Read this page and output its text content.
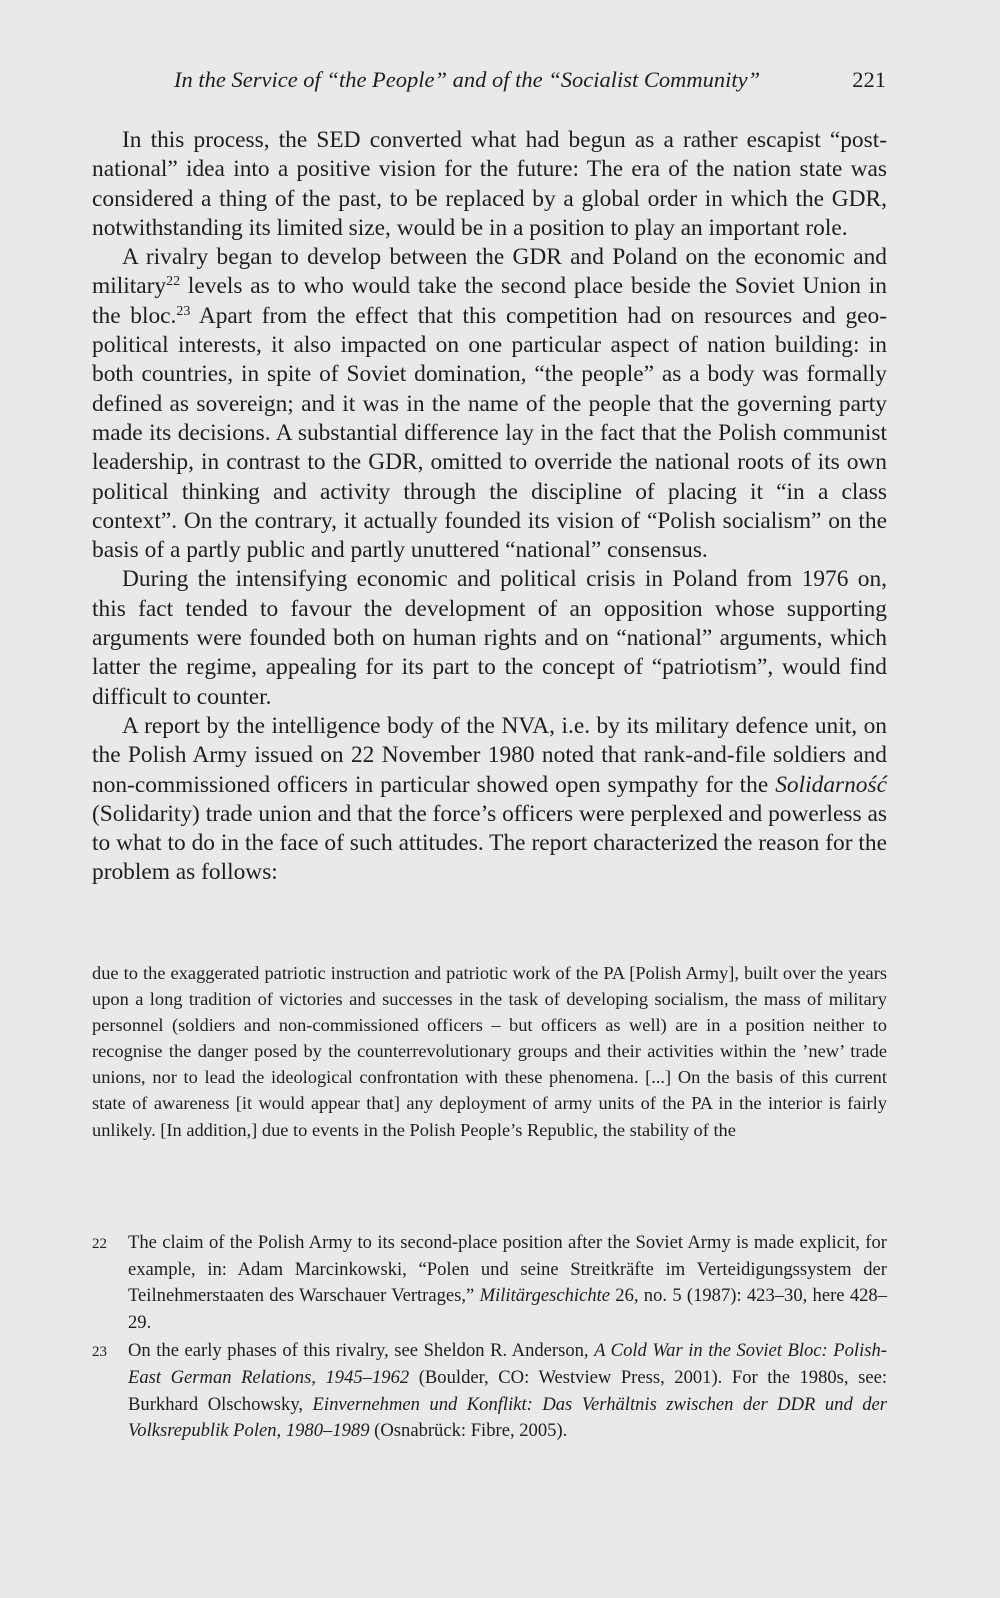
In the Service of “the People” and of the “Socialist Community”	221

In this process, the SED converted what had begun as a rather escapist “post-national” idea into a positive vision for the future: The era of the nation state was considered a thing of the past, to be replaced by a global order in which the GDR, notwithstanding its limited size, would be in a position to play an important role.

A rivalry began to develop between the GDR and Poland on the economic and military$^{22}$ levels as to who would take the second place beside the Soviet Union in the bloc.$^{23}$ Apart from the effect that this competition had on resources and geo-political interests, it also impacted on one particular aspect of nation building: in both countries, in spite of Soviet domination, “the people” as a body was formally defined as sovereign; and it was in the name of the people that the governing party made its decisions. A substantial difference lay in the fact that the Polish communist leadership, in contrast to the GDR, omitted to override the national roots of its own political thinking and activity through the discipline of placing it “in a class context”. On the contrary, it actually founded its vision of “Polish socialism” on the basis of a partly public and partly unuttered “national” consensus.

During the intensifying economic and political crisis in Poland from 1976 on, this fact tended to favour the development of an opposition whose supporting arguments were founded both on human rights and on “national” arguments, which latter the regime, appealing for its part to the concept of “patriotism”, would find difficult to counter.

A report by the intelligence body of the NVA, i.e. by its military defence unit, on the Polish Army issued on 22 November 1980 noted that rank-and-file soldiers and non-commissioned officers in particular showed open sympathy for the Solidarność (Solidarity) trade union and that the force’s officers were perplexed and powerless as to what to do in the face of such attitudes. The report characterized the reason for the problem as follows:

due to the exaggerated patriotic instruction and patriotic work of the PA [Polish Army], built over the years upon a long tradition of victories and successes in the task of developing socialism, the mass of military personnel (soldiers and non-commissioned officers – but officers as well) are in a position neither to recognise the danger posed by the counterrevolutionary groups and their activities within the ’new’ trade unions, nor to lead the ideological confrontation with these phenomena. [...] On the basis of this current state of awareness [it would appear that] any deployment of army units of the PA in the interior is fairly unlikely. [In addition,] due to events in the Polish People’s Republic, the stability of the

22 The claim of the Polish Army to its second-place position after the Soviet Army is made explicit, for example, in: Adam Marcinkowski, “Polen und seine Streitkräfte im Verteidigungssystem der Teilnehmerstaaten des Warschauer Vertrages,” Militärgeschichte 26, no. 5 (1987): 423–30, here 428–29.
23 On the early phases of this rivalry, see Sheldon R. Anderson, A Cold War in the Soviet Bloc: Polish-East German Relations, 1945–1962 (Boulder, CO: Westview Press, 2001). For the 1980s, see: Burkhard Olschowsky, Einvernehmen und Konflikt: Das Verhältnis zwischen der DDR und der Volksrepublik Polen, 1980–1989 (Osnabrück: Fibre, 2005).
